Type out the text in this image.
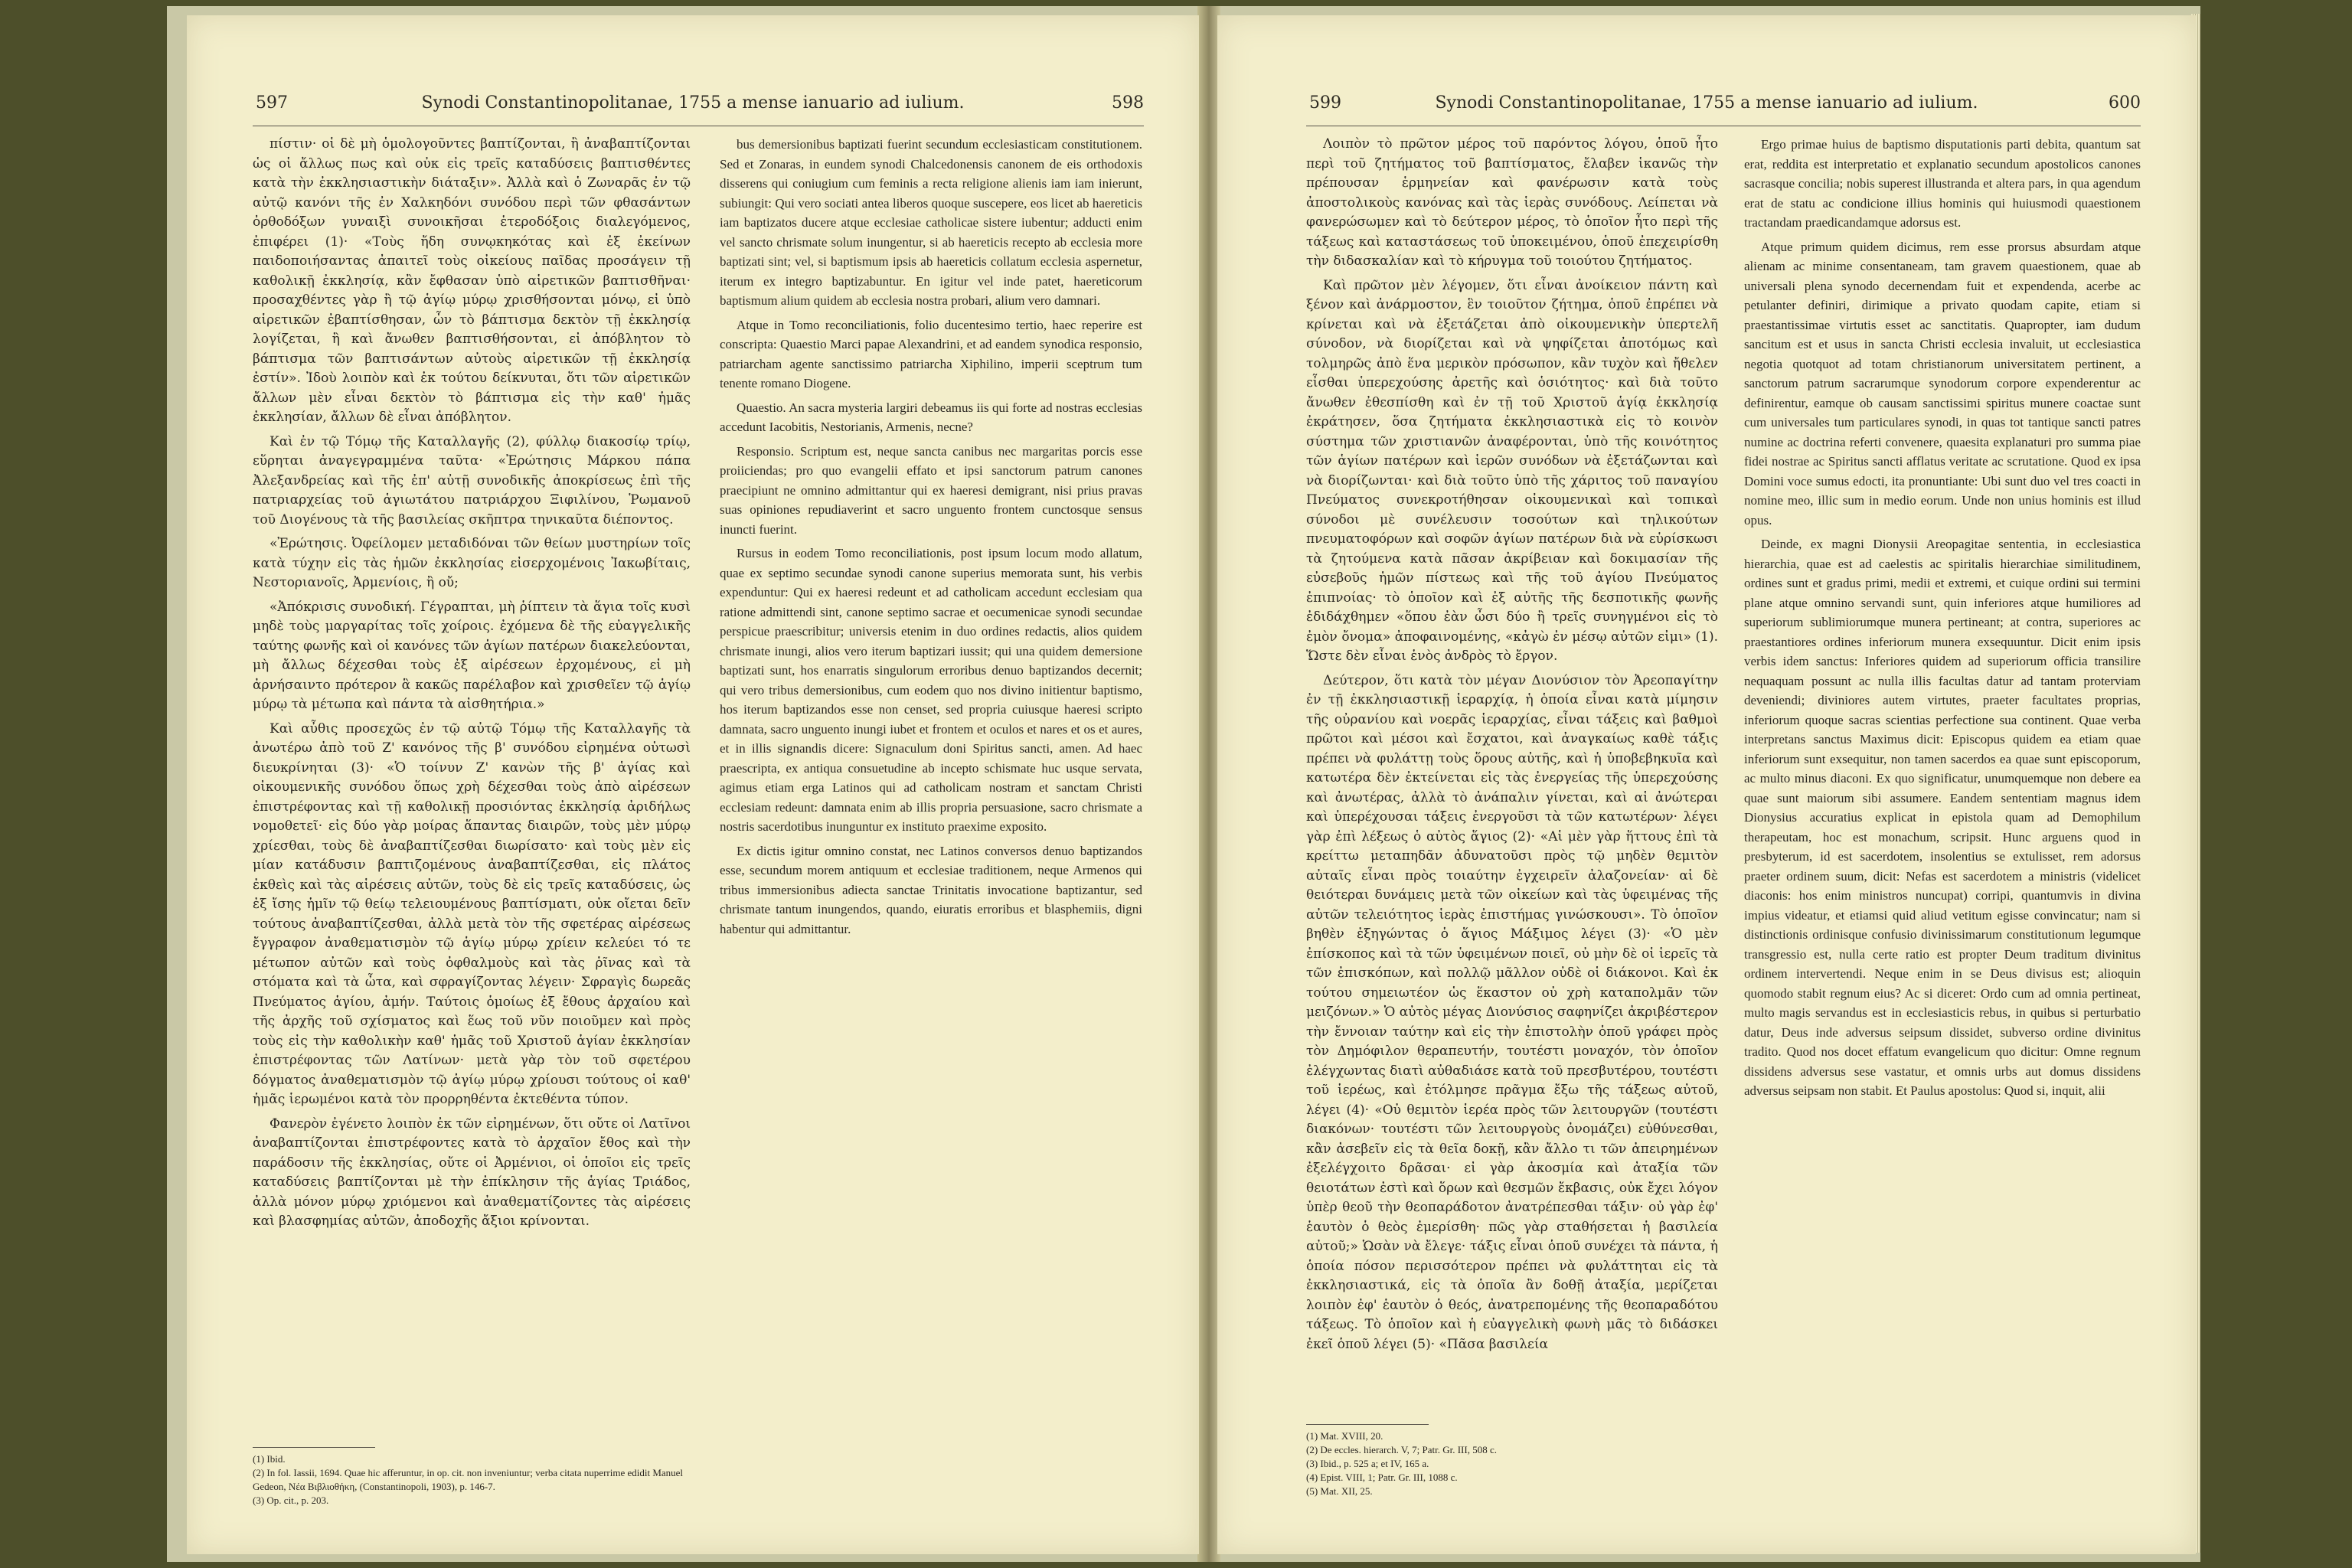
Synodi Constantinopolitanae, 1755 a mense ianuario ad iulium.
597	598

πίστιν· οἱ δὲ μὴ ὁμολογοῦντες βαπτίζονται, ἢ ἀναβαπτίζονται ὡς οἱ ἄλλως πως καὶ οὐκ εἰς τρεῖς καταδύσεις βαπτισθέντες κατὰ τὴν ἐκκλησιαστικὴν διάταξιν». Ἀλλὰ καὶ ὁ Ζωναρᾶς ἐν τῷ αὐτῷ κανόνι τῆς ἐν Χαλκηδόνι συνόδου περὶ τῶν φθασάντων ὀρθοδόξων γυναιξὶ συνοικῆσαι ἑτεροδόξοις διαλεγόμενος, ἐπιφέρει (1)· «Τοὺς ἤδη συνῳκηκότας καὶ ἐξ ἐκείνων παιδοποιήσαντας ἀπαιτεῖ τοὺς οἰκείους παῖδας προσάγειν τῇ καθολικῇ ἐκκλησίᾳ, κἂν ἔφθασαν ὑπὸ αἱρετικῶν βαπτισθῆναι· προσαχθέντες γὰρ ἢ τῷ ἁγίῳ μύρῳ χρισθήσονται μόνῳ, εἰ ὑπὸ αἱρετικῶν ἐβαπτίσθησαν, ὧν τὸ βάπτισμα δεκτὸν τῇ ἐκκλησίᾳ λογίζεται, ἢ καὶ ἄνωθεν βαπτισθήσονται, εἰ ἀπόβλητον τὸ βάπτισμα τῶν βαπτισάντων αὐτοὺς αἱρετικῶν τῇ ἐκκλησίᾳ ἐστίν». Ἰδοὺ λοιπὸν καὶ ἐκ τούτου δείκνυται, ὅτι τῶν αἱρετικῶν ἄλλων μὲν εἶναι δεκτὸν τὸ βάπτισμα εἰς τὴν καθ' ἡμᾶς ἐκκλησίαν, ἄλλων δὲ εἶναι ἀπόβλητον.

Καὶ ἐν τῷ Τόμῳ τῆς Καταλλαγῆς (2), φύλλῳ διακοσίῳ τρίῳ, εὕρηται ἀναγεγραμμένα ταῦτα· «Ἐρώτησις Μάρκου πάπα Ἀλεξανδρείας καὶ τῆς ἐπ' αὐτῇ συνοδικῆς ἀποκρίσεως ἐπὶ τῆς πατριαρχείας τοῦ ἁγιωτάτου πατριάρχου Ξιφιλίνου, Ῥωμανοῦ τοῦ Διογένους τὰ τῆς βασιλείας σκῆπτρα τηνικαῦτα διέποντος.

«Ἐρώτησις. Ὀφείλομεν μεταδιδόναι τῶν θείων μυστηρίων τοῖς κατὰ τύχην εἰς τὰς ἡμῶν ἐκκλησίας εἰσερχομένοις Ἰακωβίταις, Νεστοριανοῖς, Ἀρμενίοις, ἢ οὔ;

«Ἀπόκρισις συνοδική. Γέγραπται, μὴ ῥίπτειν τὰ ἅγια τοῖς κυσὶ μηδὲ τοὺς μαργαρίτας τοῖς χοίροις. ἐχόμενα δὲ τῆς εὐαγγελικῆς ταύτης φωνῆς καὶ οἱ κανόνες τῶν ἁγίων πατέρων διακελεύονται, μὴ ἄλλως δέχεσθαι τοὺς ἐξ αἱρέσεων ἐρχομένους, εἰ μὴ ἀρνήσαιντο πρότερον ἃ κακῶς παρέλαβον καὶ χρισθεῖεν τῷ ἁγίῳ μύρῳ τὰ μέτωπα καὶ πάντα τὰ αἰσθητήρια.»

Καὶ αὖθις προσεχῶς ἐν τῷ αὐτῷ Τόμῳ τῆς Καταλλαγῆς τὰ ἀνωτέρω ἀπὸ τοῦ Ζ' κανόνος τῆς β' συνόδου εἰρημένα οὑτωσὶ διευκρίνηται (3)· «Ὁ τοίνυν Ζ' κανὼν τῆς β' ἁγίας καὶ οἰκουμενικῆς συνόδου ὅπως χρὴ δέχεσθαι τοὺς ἀπὸ αἱρέσεων ἐπιστρέφοντας καὶ τῇ καθολικῇ προσιόντας ἐκκλησίᾳ ἀριδήλως νομοθετεῖ· εἰς δύο γὰρ μοίρας ἅπαντας διαιρῶν, τοὺς μὲν μύρῳ χρίεσθαι, τοὺς δὲ ἀναβαπτίζεσθαι διωρίσατο· καὶ τοὺς μὲν εἰς μίαν κατάδυσιν βαπτιζομένους ἀναβαπτίζεσθαι, εἰς πλάτος ἐκθεὶς καὶ τὰς αἱρέσεις αὐτῶν, τοὺς δὲ εἰς τρεῖς καταδύσεις, ὡς ἐξ ἴσης ἡμῖν τῷ θείῳ τελειουμένους βαπτίσματι, οὐκ οἴεται δεῖν τούτους ἀναβαπτίζεσθαι, ἀλλὰ μετὰ τὸν τῆς σφετέρας αἱρέσεως ἔγγραφον ἀναθεματισμὸν τῷ ἁγίῳ μύρῳ χρίειν κελεύει τό τε μέτωπον αὐτῶν καὶ τοὺς ὀφθαλμοὺς καὶ τὰς ῥῖνας καὶ τὰ στόματα καὶ τὰ ὦτα, καὶ σφραγίζοντας λέγειν· Σφραγὶς δωρεᾶς Πνεύματος ἁγίου, ἀμήν. Ταύτοις ὁμοίως ἐξ ἔθους ἀρχαίου καὶ τῆς ἀρχῆς τοῦ σχίσματος καὶ ἕως τοῦ νῦν ποιοῦμεν καὶ πρὸς τοὺς εἰς τὴν καθολικὴν καθ' ἡμᾶς τοῦ Χριστοῦ ἁγίαν ἐκκλησίαν ἐπιστρέφοντας τῶν Λατίνων· μετὰ γὰρ τὸν τοῦ σφετέρου δόγματος ἀναθεματισμὸν τῷ ἁγίῳ μύρῳ χρίουσι τούτους οἱ καθ' ἡμᾶς ἱερωμένοι κατὰ τὸν προρρηθέντα ἐκτεθέντα τύπον.

Φανερὸν ἐγένετο λοιπὸν ἐκ τῶν εἰρημένων, ὅτι οὔτε οἱ Λατῖνοι ἀναβαπτίζονται ἐπιστρέφοντες κατὰ τὸ ἀρχαῖον ἔθος καὶ τὴν παράδοσιν τῆς ἐκκλησίας, οὔτε οἱ Ἀρμένιοι, οἱ ὁποῖοι εἰς τρεῖς καταδύσεις βαπτίζονται μὲ τὴν ἐπίκλησιν τῆς ἁγίας Τριάδος, ἀλλὰ μόνον μύρῳ χριόμενοι καὶ ἀναθεματίζοντες τὰς αἱρέσεις καὶ βλασφημίας αὐτῶν, ἀποδοχῆς ἄξιοι κρίνονται.

bus demersionibus baptizati fuerint secundum ecclesiasticam constitutionem. Sed et Zonaras, in eundem synodi Chalcedonensis canonem de eis orthodoxis disserens qui coniugium cum feminis a recta religione alienis iam iam inierunt, subiungit: Qui vero sociati antea liberos quoque suscepere, eos licet ab haereticis iam baptizatos ducere atque ecclesiae catholicae sistere iubentur; adducti enim vel sancto chrismate solum inungentur, si ab haereticis recepto ab ecclesia more baptizati sint; vel, si baptismum ipsis ab haereticis collatum ecclesia aspernetur, iterum ex integro baptizabuntur. En igitur vel inde patet, haereticorum baptismum alium quidem ab ecclesia nostra probari, alium vero damnari.

Atque in Tomo reconciliationis, folio ducentesimo tertio, haec reperire est conscripta: Quaestio Marci papae Alexandrini, et ad eandem synodica responsio, patriarcham agente sanctissimo patriarcha Xiphilino, imperii sceptrum tum tenente romano Diogene.

Quaestio. An sacra mysteria largiri debeamus iis qui forte ad nostras ecclesias accedunt Iacobitis, Nestorianis, Armenis, necne?

Responsio. Scriptum est, neque sancta canibus nec margaritas porcis esse proiiciendas; pro quo evangelii effato et ipsi sanctorum patrum canones praecipiunt ne omnino admittantur qui ex haeresi demigrant, nisi prius pravas suas opiniones repudiaverint et sacro unguento frontem cunctosque sensus inuncti fuerint.

Rursus in eodem Tomo reconciliationis, post ipsum locum modo allatum, quae ex septimo secundae synodi canone superius memorata sunt, his verbis expenduntur: Qui ex haeresi redeunt et ad catholicam accedunt ecclesiam qua ratione admittendi sint, canone septimo sacrae et oecumenicae synodi secundae perspicue praescribitur; universis etenim in duo ordines redactis, alios quidem chrismate inungi, alios vero iterum baptizari iussit; qui una quidem demersione baptizati sunt, hos enarratis singulorum erroribus denuo baptizandos decernit; qui vero tribus demersionibus, cum eodem quo nos divino initientur baptismo, hos iterum baptizandos esse non censet, sed propria cuiusque haeresi scripto damnata, sacro unguento inungi iubet et frontem et oculos et nares et os et aures, et in illis signandis dicere: Signaculum doni Spiritus sancti, amen. Ad haec praescripta, ex antiqua consuetudine ab incepto schismate huc usque servata, agimus etiam erga Latinos qui ad catholicam nostram et sanctam Christi ecclesiam redeunt: damnata enim ab illis propria persuasione, sacro chrismate a nostris sacerdotibus inunguntur ex instituto praexime exposito.

Ex dictis igitur omnino constat, nec Latinos conversos denuo baptizandos esse, secundum morem antiquum et ecclesiae traditionem, neque Armenos qui tribus immersionibus adiecta sanctae Trinitatis invocatione baptizantur, sed chrismate tantum inungendos, quando, eiuratis erroribus et blasphemiis, digni habentur qui admittantur.

(1) Ibid.
(2) In fol. Iassii, 1694. Quae hic afferuntur, in op. cit. non inveniuntur; verba citata nuperrime edidit Manuel Gedeon, Νέα Βιβλιοθήκη, (Constantinopoli, 1903), p. 146-7.
(3) Op. cit., p. 203.
Synodi Constantinopolitanae, 1755 a mense ianuario ad iulium.
599	600

Λοιπὸν τὸ πρῶτον μέρος τοῦ παρόντος λόγου, ὁποῦ ἦτο περὶ τοῦ ζητήματος τοῦ βαπτίσματος, ἔλαβεν ἱκανῶς τὴν πρέπουσαν ἑρμηνείαν καὶ φανέρωσιν κατὰ τοὺς ἀποστολικοὺς κανόνας καὶ τὰς ἱερὰς συνόδους. Λείπεται νὰ φανερώσωμεν καὶ τὸ δεύτερον μέρος, τὸ ὁποῖον ἦτο περὶ τῆς τάξεως καὶ καταστάσεως τοῦ ὑποκειμένου, ὁποῦ ἐπεχειρίσθη τὴν διδασκαλίαν καὶ τὸ κήρυγμα τοῦ τοιούτου ζητήματος.

Καὶ πρῶτον μὲν λέγομεν, ὅτι εἶναι ἀνοίκειον πάντη καὶ ξένον καὶ ἀνάρμοστον, ἓν τοιοῦτον ζήτημα, ὁποῦ ἐπρέπει νὰ κρίνεται καὶ νὰ ἐξετάζεται ἀπὸ οἰκουμενικὴν ὑπερτελῆ σύνοδον, νὰ διορίζεται καὶ νὰ ψηφίζεται ἀποτόμως καὶ τολμηρῶς ἀπὸ ἕνα μερικὸν πρόσωπον, κἂν τυχὸν καὶ ἤθελεν εἶσθαι ὑπερεχούσης ἀρετῆς καὶ ὁσιότητος· καὶ διὰ τοῦτο ἄνωθεν ἐθεσπίσθη καὶ ἐν τῇ τοῦ Χριστοῦ ἁγίᾳ ἐκκλησίᾳ ἐκράτησεν, ὅσα ζητήματα ἐκκλησιαστικὰ εἰς τὸ κοινὸν σύστημα τῶν χριστιανῶν ἀναφέρονται, ὑπὸ τῆς κοινότητος τῶν ἁγίων πατέρων καὶ ἱερῶν συνόδων νὰ ἐξετάζωνται καὶ νὰ διορίζωνται· καὶ διὰ τοῦτο ὑπὸ τῆς χάριτος τοῦ παναγίου Πνεύματος συνεκροτήθησαν οἰκουμενικαὶ καὶ τοπικαὶ σύνοδοι μὲ συνέλευσιν τοσούτων καὶ τηλικούτων πνευματοφόρων καὶ σοφῶν ἁγίων πατέρων διὰ νὰ εὑρίσκωσι τὰ ζητούμενα κατὰ πᾶσαν ἀκρίβειαν καὶ δοκιμασίαν τῆς εὐσεβοῦς ἡμῶν πίστεως καὶ τῆς τοῦ ἁγίου Πνεύματος ἐπιπνοίας· τὸ ὁποῖον καὶ ἐξ αὐτῆς τῆς δεσποτικῆς φωνῆς ἐδιδάχθημεν «ὅπου ἐὰν ὦσι δύο ἢ τρεῖς συνηγμένοι εἰς τὸ ἐμὸν ὄνομα» ἀποφαινομένης, «κἀγὼ ἐν μέσῳ αὐτῶν εἰμι» (1). Ὥστε δὲν εἶναι ἑνὸς ἀνδρὸς τὸ ἔργον.

Δεύτερον, ὅτι κατὰ τὸν μέγαν Διονύσιον τὸν Ἀρεοπαγίτην ἐν τῇ ἐκκλησιαστικῇ ἱεραρχίᾳ, ἡ ὁποία εἶναι κατὰ μίμησιν τῆς οὐρανίου καὶ νοερᾶς ἱεραρχίας, εἶναι τάξεις καὶ βαθμοὶ πρῶτοι καὶ μέσοι καὶ ἔσχατοι, καὶ ἀναγκαίως καθὲ τάξις πρέπει νὰ φυλάττῃ τοὺς ὅρους αὐτῆς, καὶ ἡ ὑποβεβηκυῖα καὶ κατωτέρα δὲν ἐκτείνεται εἰς τὰς ἐνεργείας τῆς ὑπερεχούσης καὶ ἀνωτέρας, ἀλλὰ τὸ ἀνάπαλιν γίνεται, καὶ αἱ ἀνώτεραι καὶ ὑπερέχουσαι τάξεις ἐνεργοῦσι τὰ τῶν κατωτέρων· λέγει γὰρ ἐπὶ λέξεως ὁ αὐτὸς ἅγιος (2)· «Αἱ μὲν γὰρ ἥττους ἐπὶ τὰ κρείττω μεταπηδᾶν ἀδυνατοῦσι πρὸς τῷ μηδὲν θεμιτὸν αὐταῖς εἶναι πρὸς τοιαύτην ἐγχειρεῖν ἀλαζονείαν· αἱ δὲ θειότεραι δυνάμεις μετὰ τῶν οἰκείων καὶ τὰς ὑφειμένας τῆς αὐτῶν τελειότητος ἱερὰς ἐπιστήμας γινώσκουσι». Τὸ ὁποῖον βηθὲν ἐξηγώντας ὁ ἅγιος Μάξιμος λέγει (3)· «Ὁ μὲν ἐπίσκοπος καὶ τὰ τῶν ὑφειμένων ποιεῖ, οὐ μὴν δὲ οἱ ἱερεῖς τὰ τῶν ἐπισκόπων, καὶ πολλῷ μᾶλλον οὐδὲ οἱ διάκονοι. Καὶ ἐκ τούτου σημειωτέον ὡς ἕκαστον οὐ χρὴ καταπολμᾶν τῶν μειζόνων.» Ὁ αὐτὸς μέγας Διονύσιος σαφηνίζει ἀκριβέστερον τὴν ἔννοιαν ταύτην καὶ εἰς τὴν ἐπιστολὴν ὁποῦ γράφει πρὸς τὸν Δημόφιλον θεραπευτήν, τουτέστι μοναχόν, τὸν ὁποῖον ἐλέγχωντας διατὶ αὐθαδιάσε κατὰ τοῦ πρεσβυτέρου, τουτέστι τοῦ ἱερέως, καὶ ἐτόλμησε πρᾶγμα ἔξω τῆς τάξεως αὐτοῦ, λέγει (4)· «Οὐ θεμιτὸν ἱερέα πρὸς τῶν λειτουργῶν (τουτέστι διακόνων· τουτέστι τῶν λειτουργοὺς ὀνομάζει) εὐθύνεσθαι, κἂν ἀσεβεῖν εἰς τὰ θεῖα δοκῇ, κἂν ἄλλο τι τῶν ἀπειρημένων ἐξελέγχοιτο δρᾶσαι· εἰ γὰρ ἀκοσμία καὶ ἀταξία τῶν θειοτάτων ἐστὶ καὶ ὅρων καὶ θεσμῶν ἔκβασις, οὐκ ἔχει λόγον ὑπὲρ θεοῦ τὴν θεοπαράδοτον ἀνατρέπεσθαι τάξιν· οὐ γὰρ ἐφ' ἑαυτὸν ὁ θεὸς ἐμερίσθη· πῶς γὰρ σταθήσεται ἡ βασιλεία αὐτοῦ;» Ὡσὰν νὰ ἔλεγε· τάξις εἶναι ὁποῦ συνέχει τὰ πάντα, ἡ ὁποία πόσον περισσότερον πρέπει νὰ φυλάττηται εἰς τὰ ἐκκλησιαστικά, εἰς τὰ ὁποῖα ἂν δοθῇ ἀταξία, μερίζεται λοιπὸν ἐφ' ἑαυτὸν ὁ θεός, ἀνατρεπομένης τῆς θεοπαραδότου τάξεως. Τὸ ὁποῖον καὶ ἡ εὐαγγελικὴ φωνὴ μᾶς τὸ διδάσκει ἐκεῖ ὁποῦ λέγει (5)· «Πᾶσα βασιλεία

Ergo primae huius de baptismo disputationis parti debita, quantum sat erat, reddita est interpretatio et explanatio secundum apostolicos canones sacrasque concilia; nobis superest illustranda et altera pars, in qua agendum erat de statu ac condicione illius hominis qui huiusmodi quaestionem tractandam praedicandamque adorsus est.

Atque primum quidem dicimus, rem esse prorsus absurdam atque alienam ac minime consentaneam, tam gravem quaestionem, quae ab universali plena synodo decernendam fuit et expendenda, acerbe ac petulanter definiri, dirimique a privato quodam capite, etiam si praestantissimae virtutis esset ac sanctitatis. Quapropter, iam dudum sancitum est et usus in sancta Christi ecclesia invaluit, ut ecclesiastica negotia quotquot ad totam christianorum universitatem pertinent, a sanctorum patrum sacrarumque synodorum corpore expenderentur ac definirentur, eamque ob causam sanctissimi spiritus munere coactae sunt cum universales tum particulares synodi, in quas tot tantique sancti patres numine ac doctrina referti convenere, quaesita explanaturi pro summa piae fidei nostrae ac Spiritus sancti afflatus veritate ac scrutatione. Quod ex ipsa Domini voce sumus edocti, ita pronuntiante: Ubi sunt duo vel tres coacti in nomine meo, illic sum in medio eorum. Unde non unius hominis est illud opus.

Deinde, ex magni Dionysii Areopagitae sententia, in ecclesiastica hierarchia, quae est ad caelestis ac spiritalis hierarchiae similitudinem, ordines sunt et gradus primi, medii et extremi, et cuique ordini sui termini plane atque omnino servandi sunt, quin inferiores atque humiliores ad superiorum sublimiorumque munera pertineant; at contra, superiores ac praestantiores ordines inferiorum munera exsequuntur. Dicit enim ipsis verbis idem sanctus: Inferiores quidem ad superiorum officia transilire nequaquam possunt ac nulla illis facultas datur ad tantam proterviam deveniendi; diviniores autem virtutes, praeter facultates proprias, inferiorum quoque sacras scientias perfectione sua continent. Quae verba interpretans sanctus Maximus dicit: Episcopus quidem ea etiam quae inferiorum sunt exsequitur, non tamen sacerdos ea quae sunt episcoporum, ac multo minus diaconi. Ex quo significatur, unumquemque non debere ea quae sunt maiorum sibi assumere. Eandem sententiam magnus idem Dionysius accuratius explicat in epistola quam ad Demophilum therapeutam, hoc est monachum, scripsit. Hunc arguens quod in presbyterum, id est sacerdotem, insolentius se extulisset, rem adorsus praeter ordinem suum, dicit: Nefas est sacerdotem a ministris (videlicet diaconis: hos enim ministros nuncupat) corripi, quantumvis in divina impius videatur, et etiamsi quid aliud vetitum egisse convincatur; nam si distinctionis ordinisque confusio divinissimarum constitutionum legumque transgressio est, nulla certe ratio est propter Deum traditum divinitus ordinem intervertendi. Neque enim in se Deus divisus est; alioquin quomodo stabit regnum eius? Ac si diceret: Ordo cum ad omnia pertineat, multo magis servandus est in ecclesiasticis rebus, in quibus si perturbatio datur, Deus inde adversus seipsum dissidet, subverso ordine divinitus tradito. Quod nos docet effatum evangelicum quo dicitur: Omne regnum dissidens adversus sese vastatur, et omnis urbs aut domus dissidens adversus seipsam non stabit. Et Paulus apostolus: Quod si, inquit, alii

(1) Mat. XVIII, 20.
(2) De eccles. hierarch. V, 7; Patr. Gr. III, 508 c.
(3) Ibid., p. 525 a; et IV, 165 a.
(4) Epist. VIII, 1; Patr. Gr. III, 1088 c.
(5) Mat. XII, 25.
